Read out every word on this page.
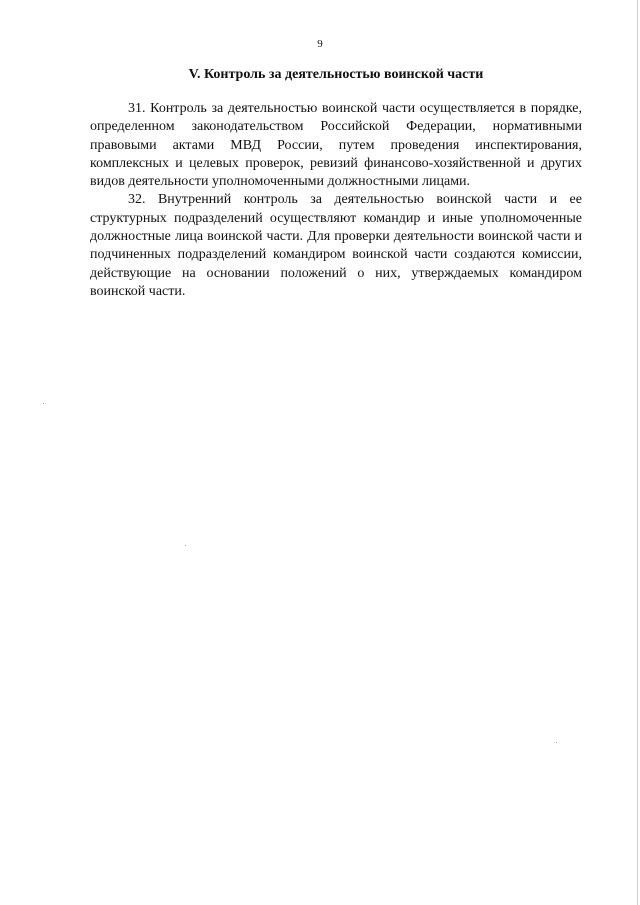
9
V. Контроль за деятельностью воинской части

31. Контроль за деятельностью воинской части осуществляется в порядке, определенном законодательством Российской Федерации, нормативными правовыми актами МВД России, путем проведения инспектирования, комплексных и целевых проверок, ревизий финансово-хозяйственной и других видов деятельности уполномоченными должностными лицами.

32. Внутренний контроль за деятельностью воинской части и ее структурных подразделений осуществляют командир и иные уполномоченные должностные лица воинской части. Для проверки деятельности воинской части и подчиненных подразделений командиром воинской части создаются комиссии, действующие на основании положений о них, утверждаемых командиром воинской части.
